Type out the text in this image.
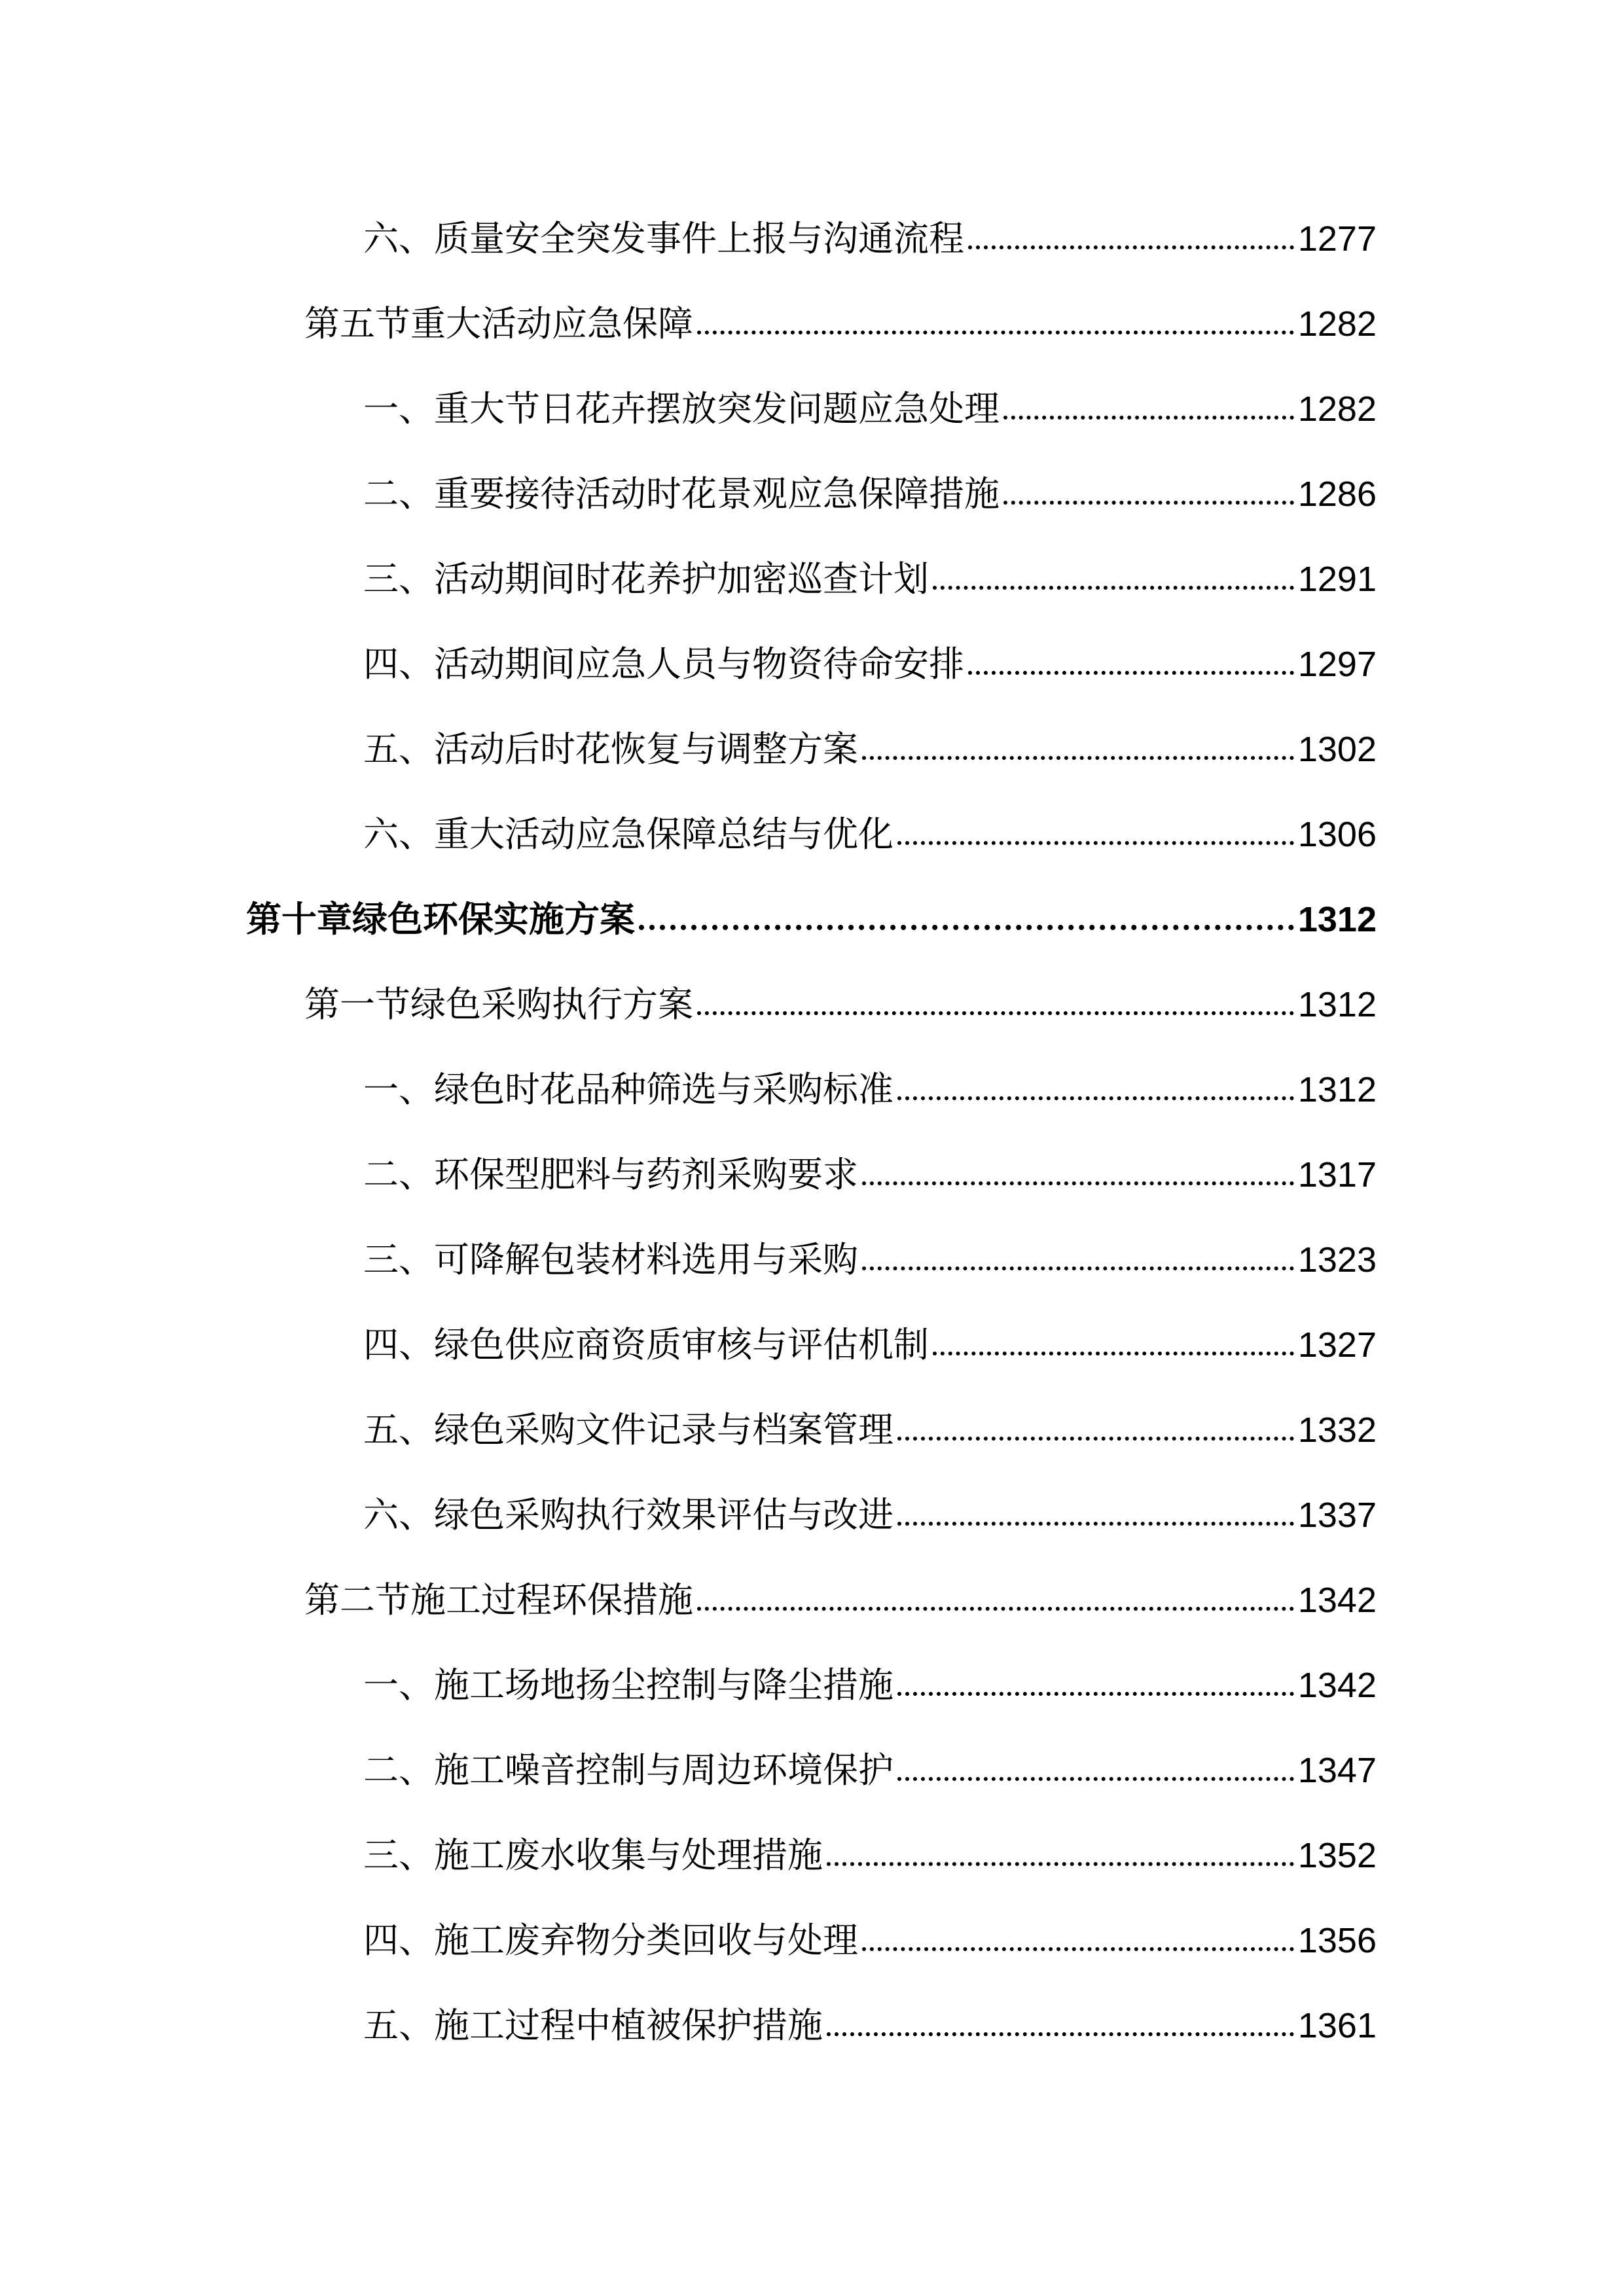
六、质量安全突发事件上报与沟通流程	1277
第五节重大活动应急保障	1282
一、重大节日花卉摆放突发问题应急处理	1282
二、重要接待活动时花景观应急保障措施	1286
三、活动期间时花养护加密巡查计划	1291
四、活动期间应急人员与物资待命安排	1297
五、活动后时花恢复与调整方案	1302
六、重大活动应急保障总结与优化	1306
第十章绿色环保实施方案	1312
第一节绿色采购执行方案	1312
一、绿色时花品种筛选与采购标准	1312
二、环保型肥料与药剂采购要求	1317
三、可降解包装材料选用与采购	1323
四、绿色供应商资质审核与评估机制	1327
五、绿色采购文件记录与档案管理	1332
六、绿色采购执行效果评估与改进	1337
第二节施工过程环保措施	1342
一、施工场地扬尘控制与降尘措施	1342
二、施工噪音控制与周边环境保护	1347
三、施工废水收集与处理措施	1352
四、施工废弃物分类回收与处理	1356
五、施工过程中植被保护措施	1361
